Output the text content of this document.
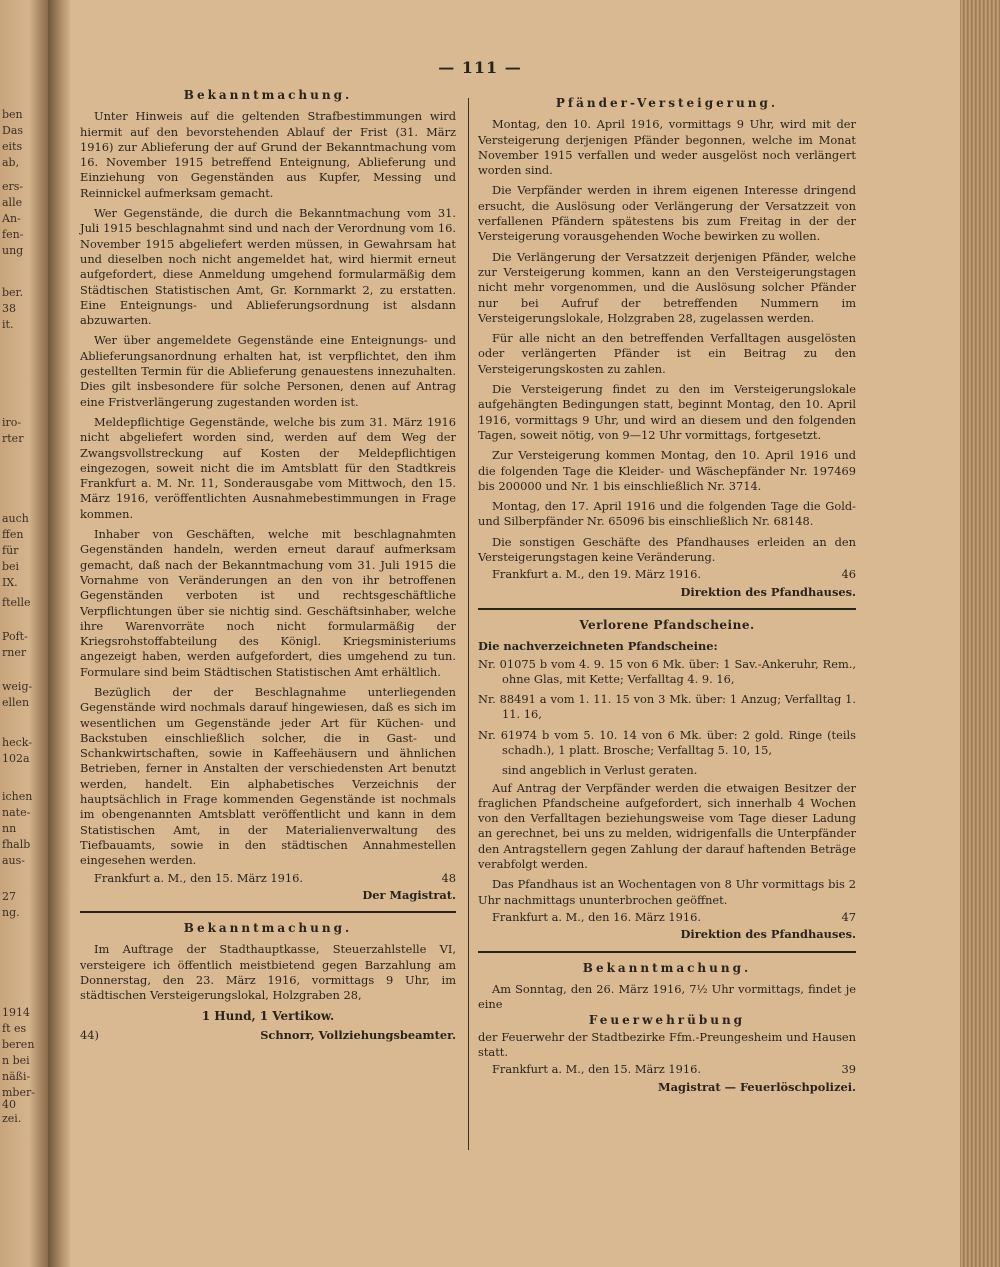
ben
Das
eits
ab,
ers-
alle
An-
fen-
ung
ber.
38
it.
iro-
rter
auch
ffen
für
bei
IX.
ftelle
Poft-
rner
weig-
ellen
heck-
102a
ichen
nate-
nn
fhalb
aus-
27
ng.
1914
ft es
beren
n bei
näßi-
mber-
40
zei.
— 111 —
Bekanntmachung.

Unter Hinweis auf die geltenden Strafbestimmungen wird hiermit auf den bevorstehenden Ablauf der Frist (31. März 1916) zur Ablieferung der auf Grund der Bekanntmachung vom 16. November 1915 betreffend Enteignung, Ablieferung und Einziehung von Gegenständen aus Kupfer, Messing und Reinnickel aufmerksam gemacht.

Wer Gegenstände, die durch die Bekanntmachung vom 31. Juli 1915 beschlagnahmt sind und nach der Verordnung vom 16. November 1915 abgeliefert werden müssen, in Gewahrsam hat und dieselben noch nicht angemeldet hat, wird hiermit erneut aufgefordert, diese Anmeldung umgehend formularmäßig dem Städtischen Statistischen Amt, Gr. Kornmarkt 2, zu erstatten. Eine Enteignungs- und Ablieferungsordnung ist alsdann abzuwarten.

Wer über angemeldete Gegenstände eine Enteignungs- und Ablieferungsanordnung erhalten hat, ist verpflichtet, den ihm gestellten Termin für die Ablieferung genauestens innezuhalten. Dies gilt insbesondere für solche Personen, denen auf Antrag eine Fristverlängerung zugestanden worden ist.

Meldepflichtige Gegenstände, welche bis zum 31. März 1916 nicht abgeliefert worden sind, werden auf dem Weg der Zwangsvollstreckung auf Kosten der Meldepflichtigen eingezogen, soweit nicht die im Amtsblatt für den Stadtkreis Frankfurt a. M. Nr. 11, Sonderausgabe vom Mittwoch, den 15. März 1916, veröffentlichten Ausnahmebestimmungen in Frage kommen.

Inhaber von Geschäften, welche mit beschlagnahmten Gegenständen handeln, werden erneut darauf aufmerksam gemacht, daß nach der Bekanntmachung vom 31. Juli 1915 die Vornahme von Veränderungen an den von ihr betroffenen Gegenständen verboten ist und rechtsgeschäftliche Verpflichtungen über sie nichtig sind. Geschäftsinhaber, welche ihre Warenvorräte noch nicht formularmäßig der Kriegsrohstoffabteilung des Königl. Kriegsministeriums angezeigt haben, werden aufgefordert, dies umgehend zu tun. Formulare sind beim Städtischen Statistischen Amt erhältlich.

Bezüglich der der Beschlagnahme unterliegenden Gegenstände wird nochmals darauf hingewiesen, daß es sich im wesentlichen um Gegenstände jeder Art für Küchen- und Backstuben einschließlich solcher, die in Gast- und Schankwirtschaften, sowie in Kaffeehäusern und ähnlichen Betrieben, ferner in Anstalten der verschiedensten Art benutzt werden, handelt. Ein alphabetisches Verzeichnis der hauptsächlich in Frage kommenden Gegenstände ist nochmals im obengenannten Amtsblatt veröffentlicht und kann in dem Statistischen Amt, in der Materialienverwaltung des Tiefbauamts, sowie in den städtischen Annahmestellen eingesehen werden.

Frankfurt a. M., den 15. März 1916.	48
Der Magistrat.
Bekanntmachung.

Im Auftrage der Stadthauptkasse, Steuerzahlstelle VI, versteigere ich öffentlich meistbietend gegen Barzahlung am Donnerstag, den 23. März 1916, vormittags 9 Uhr, im städtischen Versteigerungslokal, Holzgraben 28,

1 Hund, 1 Vertikow.
44)	Schnorr, Vollziehungsbeamter.
Pfänder-Versteigerung.

Montag, den 10. April 1916, vormittags 9 Uhr, wird mit der Versteigerung derjenigen Pfänder begonnen, welche im Monat November 1915 verfallen und weder ausgelöst noch verlängert worden sind.

Die Verpfänder werden in ihrem eigenen Interesse dringend ersucht, die Auslösung oder Verlängerung der Versatzzeit von verfallenen Pfändern spätestens bis zum Freitag in der der Versteigerung vorausgehenden Woche bewirken zu wollen.

Die Verlängerung der Versatzzeit derjenigen Pfänder, welche zur Versteigerung kommen, kann an den Versteigerungstagen nicht mehr vorgenommen, und die Auslösung solcher Pfänder nur bei Aufruf der betreffenden Nummern im Versteigerungslokale, Holzgraben 28, zugelassen werden.

Für alle nicht an den betreffenden Verfalltagen ausgelösten oder verlängerten Pfänder ist ein Beitrag zu den Versteigerungskosten zu zahlen.

Die Versteigerung findet zu den im Versteigerungslokale aufgehängten Bedingungen statt, beginnt Montag, den 10. April 1916, vormittags 9 Uhr, und wird an diesem und den folgenden Tagen, soweit nötig, von 9—12 Uhr vormittags, fortgesetzt.

Zur Versteigerung kommen Montag, den 10. April 1916 und die folgenden Tage die Kleider- und Wäschepfänder Nr. 197469 bis 200000 und Nr. 1 bis einschließlich Nr. 3714.

Montag, den 17. April 1916 und die folgenden Tage die Gold- und Silberpfänder Nr. 65096 bis einschließlich Nr. 68148.

Die sonstigen Geschäfte des Pfandhauses erleiden an den Versteigerungstagen keine Veränderung.

Frankfurt a. M., den 19. März 1916.	46
Direktion des Pfandhauses.
Verlorene Pfandscheine.
Die nachverzeichneten Pfandscheine:

Nr. 01075 b vom 4. 9. 15 von 6 Mk. über: 1 Sav.-Ankeruhr, Rem., ohne Glas, mit Kette; Verfalltag 4. 9. 16,

Nr. 88491 a vom 1. 11. 15 von 3 Mk. über: 1 Anzug; Verfalltag 1. 11. 16,

Nr. 61974 b vom 5. 10. 14 von 6 Mk. über: 2 gold. Ringe (teils schadh.), 1 platt. Brosche; Verfalltag 5. 10, 15,

sind angeblich in Verlust geraten.

Auf Antrag der Verpfänder werden die etwaigen Besitzer der fraglichen Pfandscheine aufgefordert, sich innerhalb 4 Wochen von den Verfalltagen beziehungsweise vom Tage dieser Ladung an gerechnet, bei uns zu melden, widrigenfalls die Unterpfänder den Antragstellern gegen Zahlung der darauf haftenden Beträge verabfolgt werden.

Das Pfandhaus ist an Wochentagen von 8 Uhr vormittags bis 2 Uhr nachmittags ununterbrochen geöffnet.

Frankfurt a. M., den 16. März 1916.	47
Direktion des Pfandhauses.
Bekanntmachung.

Am Sonntag, den 26. März 1916, 7½ Uhr vormittags, findet je eine

Feuerwehrübung

der Feuerwehr der Stadtbezirke Ffm.-Preungesheim und Hausen statt.

Frankfurt a. M., den 15. März 1916.	39
Magistrat — Feuerlöschpolizei.
